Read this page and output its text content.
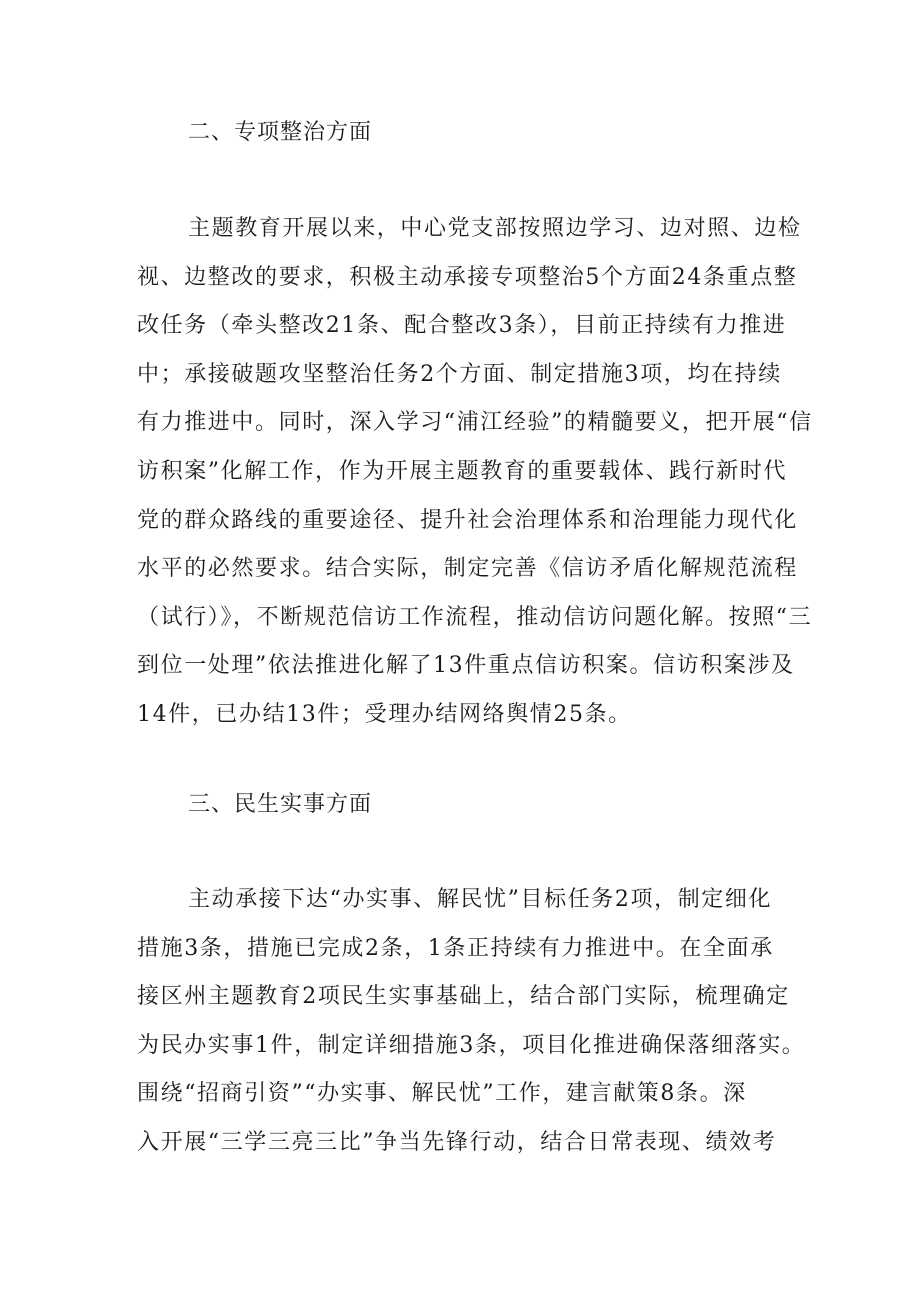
二、专项整治方面
主题教育开展以来，中心党支部按照边学习、边对照、边检
视、边整改的要求，积极主动承接专项整治5个方面24条重点整
改任务（牵头整改21条、配合整改3条），目前正持续有力推进
中；承接破题攻坚整治任务2个方面、制定措施3项，均在持续
有力推进中。同时，深入学习“浦江经验”的精髓要义，把开展“信
访积案”化解工作，作为开展主题教育的重要载体、践行新时代
党的群众路线的重要途径、提升社会治理体系和治理能力现代化
水平的必然要求。结合实际，制定完善《信访矛盾化解规范流程
（试行）》，不断规范信访工作流程，推动信访问题化解。按照“三
到位一处理”依法推进化解了13件重点信访积案。信访积案涉及
14件，已办结13件；受理办结网络舆情25条。
三、民生实事方面
主动承接下达“办实事、解民忧”目标任务2项，制定细化
措施3条，措施已完成2条，1条正持续有力推进中。在全面承
接区州主题教育2项民生实事基础上，结合部门实际，梳理确定
为民办实事1件，制定详细措施3条，项目化推进确保落细落实。
围绕“招商引资”“办实事、解民忧”工作，建言献策8条。深
入开展“三学三亮三比”争当先锋行动，结合日常表现、绩效考
